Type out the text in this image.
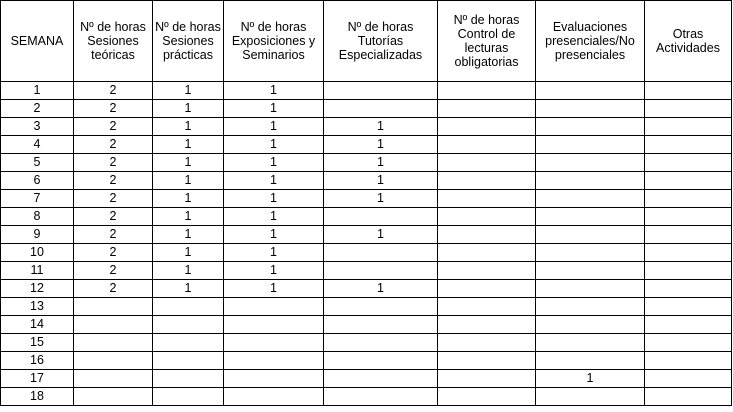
SEMANA	Nº de horas Sesiones teóricas	Nº de horas Sesiones prácticas	Nº de horas Exposiciones y Seminarios	Nº de horas Tutorías Especializadas	Nº de horas Control de lecturas obligatorias	Evaluaciones presenciales/No presenciales	Otras Actividades
1	2	1	1				
2	2	1	1				
3	2	1	1	1			
4	2	1	1	1			
5	2	1	1	1			
6	2	1	1	1			
7	2	1	1	1			
8	2	1	1				
9	2	1	1	1			
10	2	1	1				
11	2	1	1				
12	2	1	1	1			
13							
14							
15							
16							
17						1	
18							
